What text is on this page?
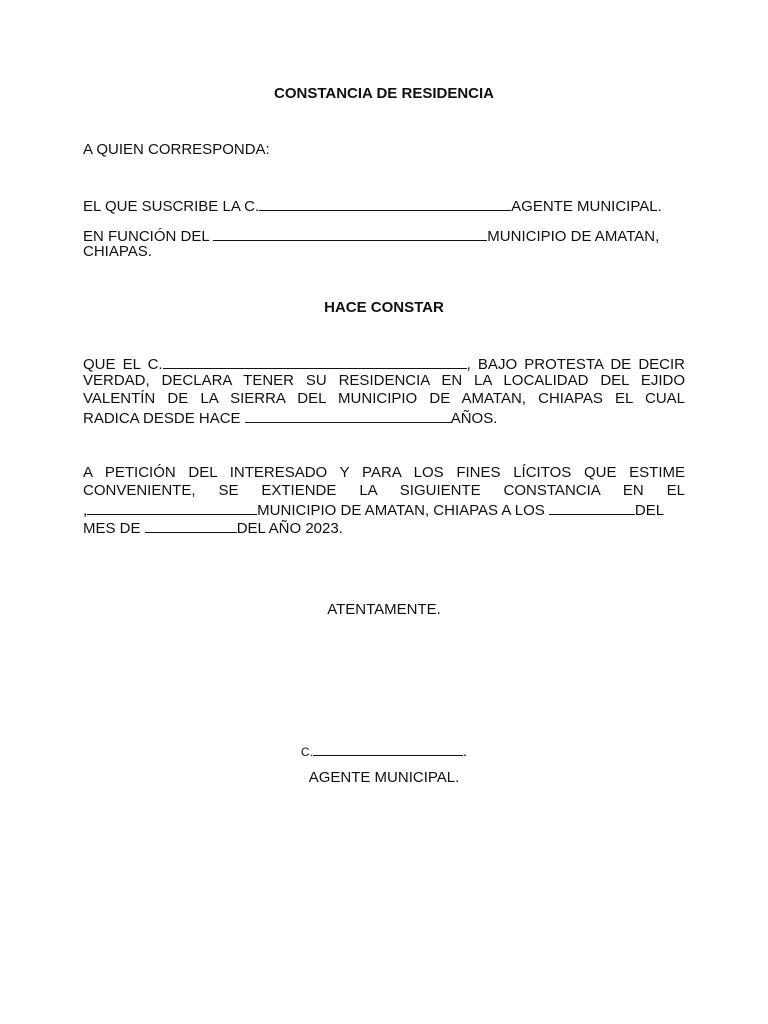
CONSTANCIA DE RESIDENCIA
A QUIEN CORRESPONDA:
EL QUE SUSCRIBE LA C.	AGENTE MUNICIPAL.
EN FUNCIÓN DEL	MUNICIPIO DE AMATAN,
CHIAPAS.
HACE CONSTAR
QUE EL C.	, BAJO PROTESTA DE DECIR
VERDAD, DECLARA TENER SU RESIDENCIA EN LA LOCALIDAD DEL EJIDO
VALENTÍN DE LA SIERRA DEL MUNICIPIO DE AMATAN, CHIAPAS EL CUAL
RADICA DESDE HACE	AÑOS.
A PETICIÓN DEL INTERESADO Y PARA LOS FINES LÍCITOS QUE ESTIME
CONVENIENTE, SE EXTIENDE LA SIGUIENTE CONSTANCIA EN EL
,	MUNICIPIO DE AMATAN, CHIAPAS A LOS	DEL
MES DE	DEL AÑO 2023.
ATENTAMENTE.
C.	.
AGENTE MUNICIPAL.
